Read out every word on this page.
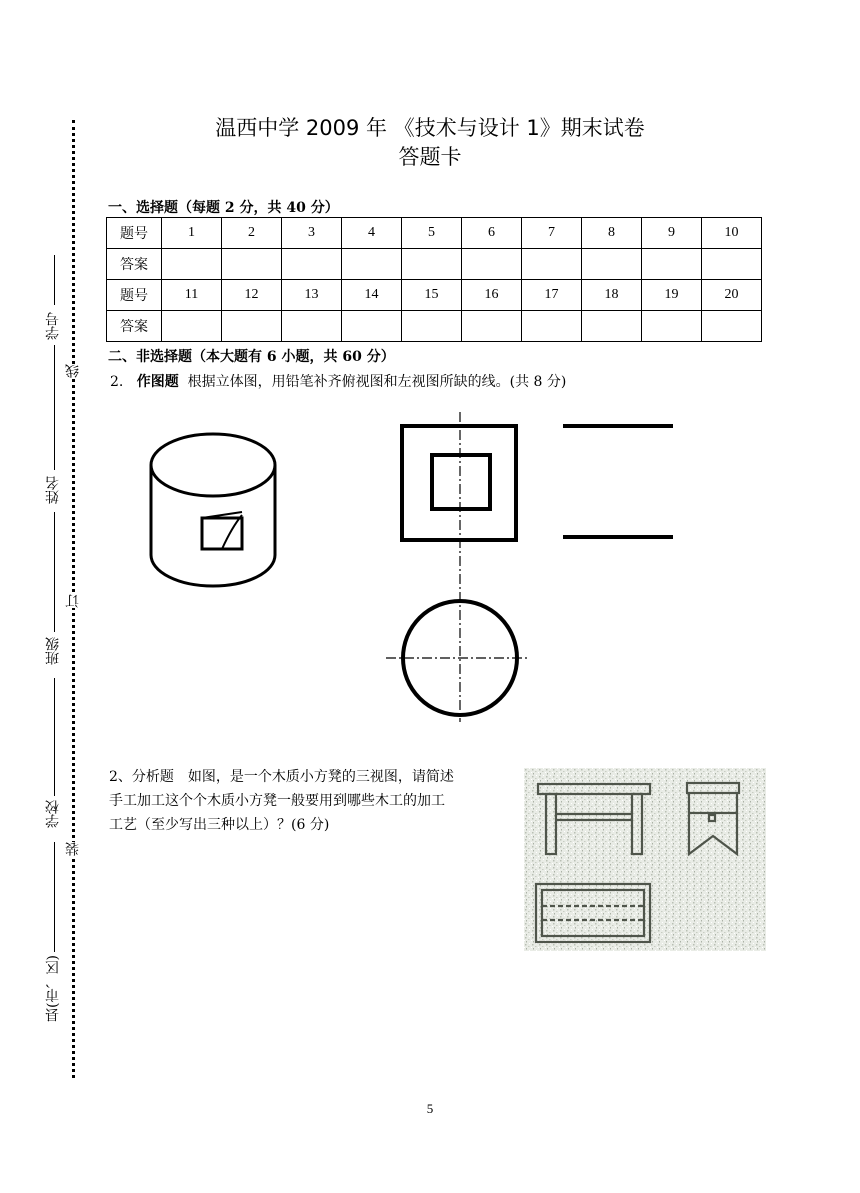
学号
姓名
班级
学校
县(市、区)
线
订
装
温西中学 2009 年 《技术与设计 1》期末试卷
答题卡
一、选择题（每题 2 分，共 40 分）
题号	1	2	3	4	5	6	7	8	9	10
答案										
题号	11	12	13	14	15	16	17	18	19	20
答案										
二、非选择题（本大题有 6 小题，共 60 分）
2. 作图题 根据立体图，用铅笔补齐俯视图和左视图所缺的线。(共 8 分)
2、分析题　如图，是一个木质小方凳的三视图，请简述
手工加工这个个木质小方凳一般要用到哪些木工的加工
工艺（至少写出三种以上）？(6 分)
5
